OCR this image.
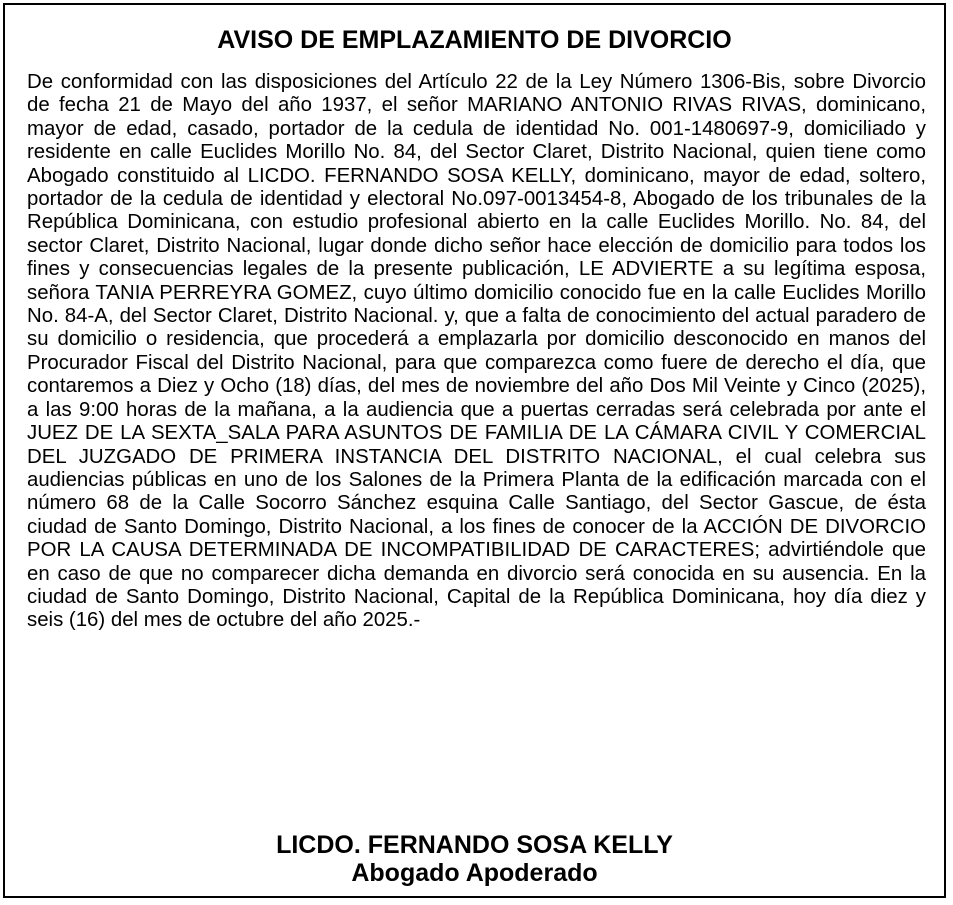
AVISO DE EMPLAZAMIENTO DE DIVORCIO

De conformidad con las disposiciones del Artículo 22 de la Ley Número 1306-Bis, sobre Divorcio de fecha 21 de Mayo del año 1937, el señor MARIANO ANTONIO RIVAS RIVAS, dominicano, mayor de edad, casado, portador de la cedula de identidad No. 001-1480697-9, domiciliado y residente en calle Euclides Morillo No. 84, del Sector Claret, Distrito Nacional, quien tiene como Abogado constituido al LICDO. FERNANDO SOSA KELLY, dominicano, mayor de edad, soltero, portador de la cedula de identidad y electoral No.097-0013454-8, Abogado de los tribunales de la República Dominicana, con estudio profesional abierto en la calle Euclides Morillo. No. 84, del sector Claret, Distrito Nacional, lugar donde dicho señor hace elección de domicilio para todos los fines y consecuencias legales de la presente publicación, LE ADVIERTE a su legítima esposa, señora TANIA PERREYRA GOMEZ, cuyo último domicilio conocido fue en la calle Euclides Morillo No. 84-A, del Sector Claret, Distrito Nacional. y, que a falta de conocimiento del actual paradero de su domicilio o residencia, que procederá a emplazarla por domicilio desconocido en manos del Procurador Fiscal del Distrito Nacional, para que comparezca como fuere de derecho el día, que contaremos a Diez y Ocho (18) días, del mes de noviembre del año Dos Mil Veinte y Cinco (2025), a las 9:00 horas de la mañana, a la audiencia que a puertas cerradas será celebrada por ante el JUEZ DE LA SEXTA_SALA PARA ASUNTOS DE FAMILIA DE LA CÁMARA CIVIL Y COMERCIAL DEL JUZGADO DE PRIMERA INSTANCIA DEL DISTRITO NACIONAL, el cual celebra sus audiencias públicas en uno de los Salones de la Primera Planta de la edificación marcada con el número 68 de la Calle Socorro Sánchez esquina Calle Santiago, del Sector Gascue, de ésta ciudad de Santo Domingo, Distrito Nacional, a los fines de conocer de la ACCIÓN DE DIVORCIO POR LA CAUSA DETERMINADA DE INCOMPATIBILIDAD DE CARACTERES; advirtiéndole que en caso de que no comparecer dicha demanda en divorcio será conocida en su ausencia. En la ciudad de Santo Domingo, Distrito Nacional, Capital de la República Dominicana, hoy día diez y seis (16) del mes de octubre del año 2025.-

LICDO. FERNANDO SOSA KELLY
Abogado Apoderado
